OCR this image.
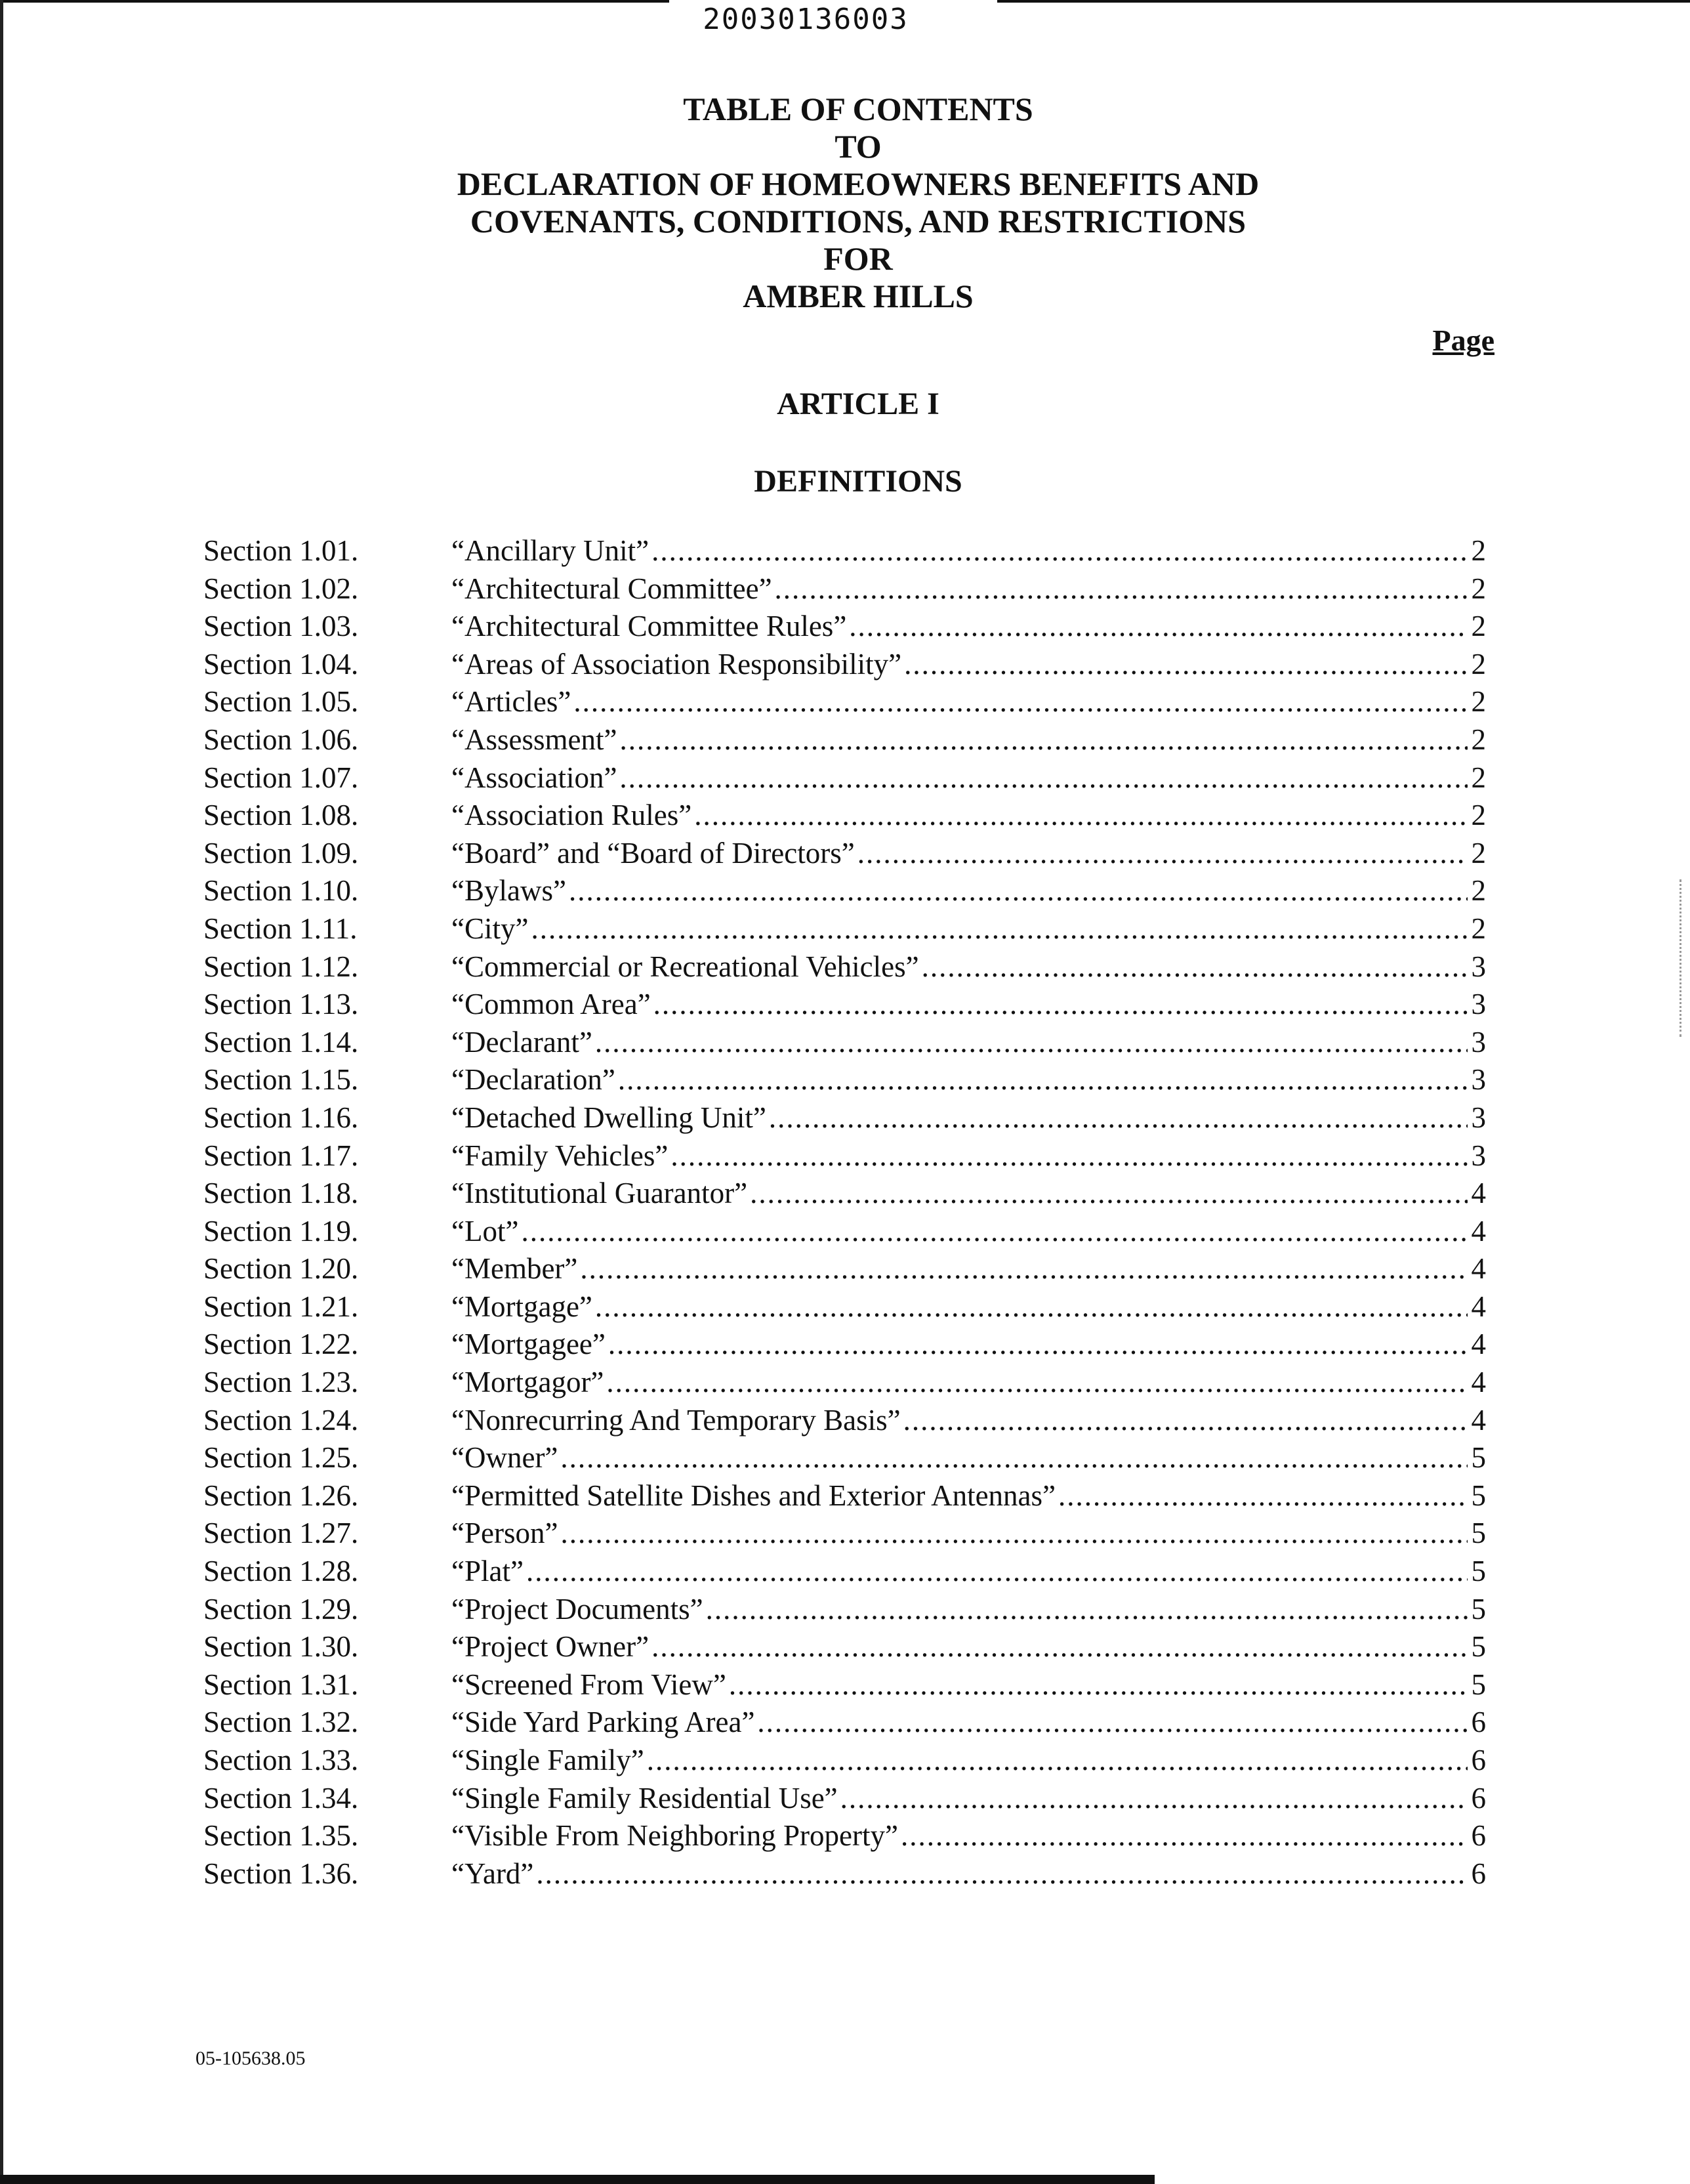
20030136003
TABLE OF CONTENTS
TO
DECLARATION OF HOMEOWNERS BENEFITS AND
COVENANTS, CONDITIONS, AND RESTRICTIONS
FOR
AMBER HILLS
Page
ARTICLE I
DEFINITIONS
Section 1.01.	“Ancillary Unit” .....	2
Section 1.02.	“Architectural Committee” .....	2
Section 1.03.	“Architectural Committee Rules” .....	2
Section 1.04.	“Areas of Association Responsibility” .....	2
Section 1.05.	“Articles” .....	2
Section 1.06.	“Assessment” .....	2
Section 1.07.	“Association” .....	2
Section 1.08.	“Association Rules” .....	2
Section 1.09.	“Board” and “Board of Directors” .....	2
Section 1.10.	“Bylaws” .....	2
Section 1.11.	“City” .....	2
Section 1.12.	“Commercial or Recreational Vehicles” .....	3
Section 1.13.	“Common Area” .....	3
Section 1.14.	“Declarant” .....	3
Section 1.15.	“Declaration” .....	3
Section 1.16.	“Detached Dwelling Unit” .....	3
Section 1.17.	“Family Vehicles” .....	3
Section 1.18.	“Institutional Guarantor” .....	4
Section 1.19.	“Lot” .....	4
Section 1.20.	“Member” .....	4
Section 1.21.	“Mortgage” .....	4
Section 1.22.	“Mortgagee” .....	4
Section 1.23.	“Mortgagor” .....	4
Section 1.24.	“Nonrecurring And Temporary Basis” .....	4
Section 1.25.	“Owner” .....	5
Section 1.26.	“Permitted Satellite Dishes and Exterior Antennas” .....	5
Section 1.27.	“Person” .....	5
Section 1.28.	“Plat” .....	5
Section 1.29.	“Project Documents” .....	5
Section 1.30.	“Project Owner” .....	5
Section 1.31.	“Screened From View” .....	5
Section 1.32.	“Side Yard Parking Area” .....	6
Section 1.33.	“Single Family” .....	6
Section 1.34.	“Single Family Residential Use” .....	6
Section 1.35.	“Visible From Neighboring Property” .....	6
Section 1.36.	“Yard” .....	6
05-105638.05
